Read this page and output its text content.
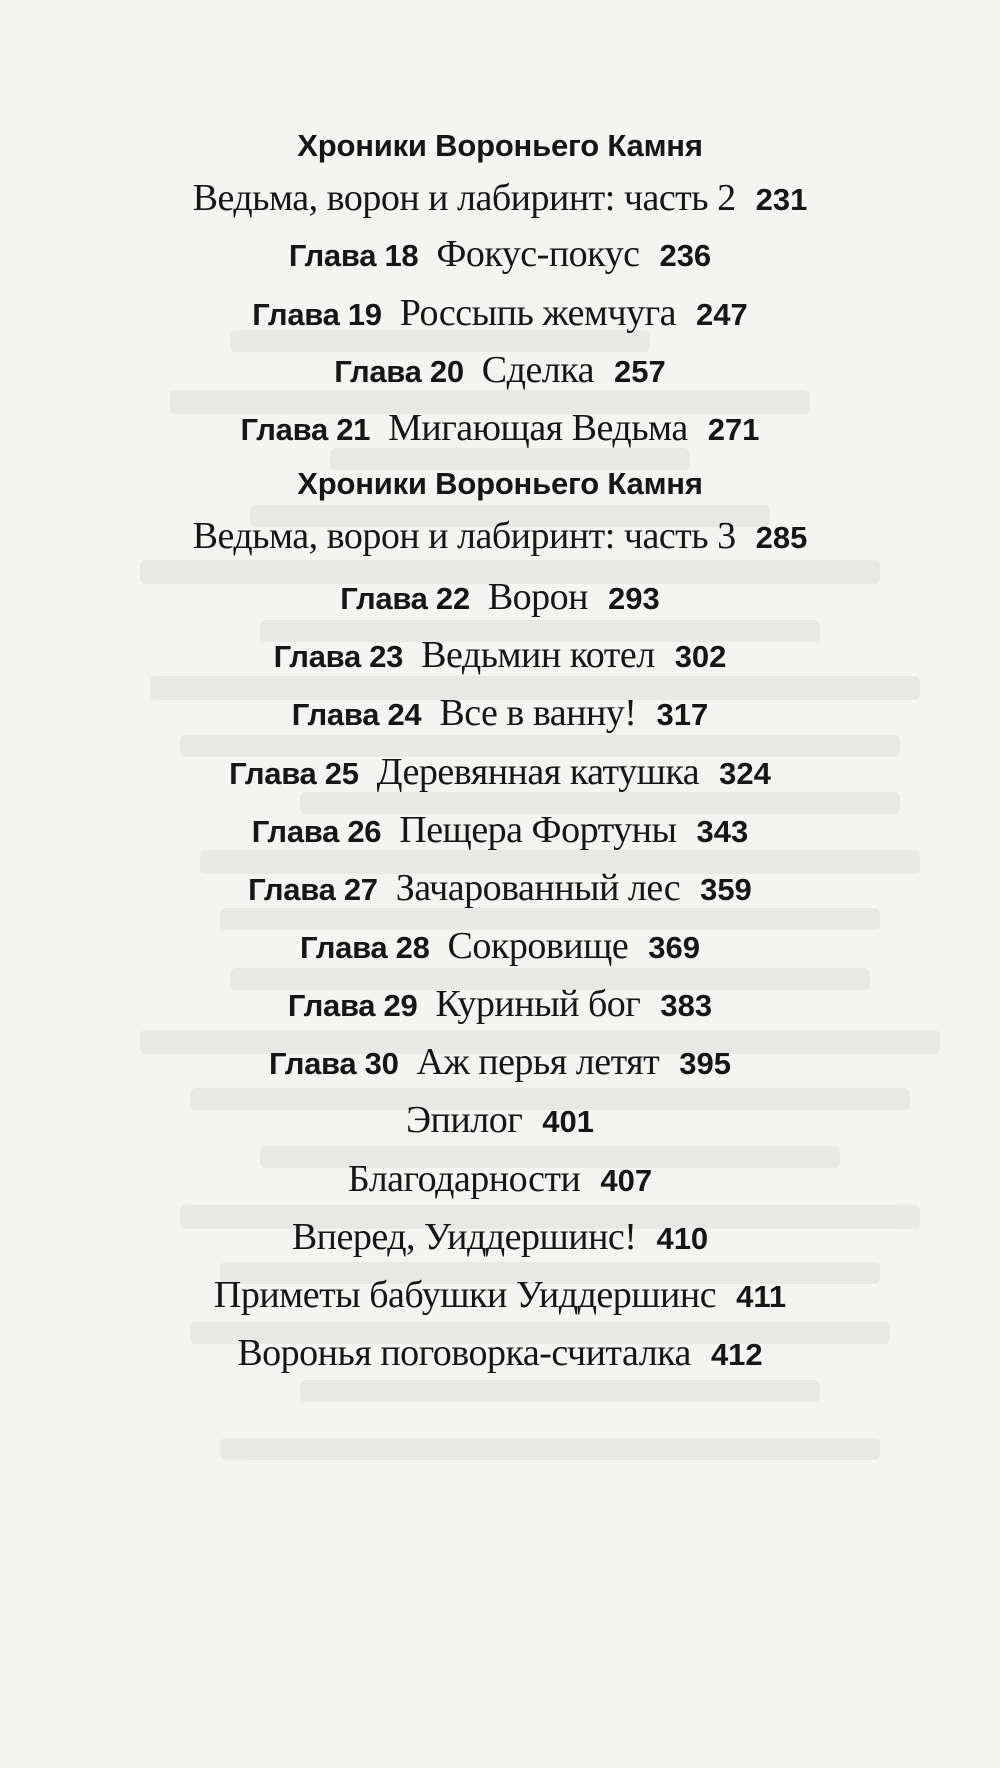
Хроники Вороньего Камня
Ведьма, ворон и лабиринт: часть 2 231
Глава 18 Фокус-покус 236
Глава 19 Россыпь жемчуга 247
Глава 20 Сделка 257
Глава 21 Мигающая Ведьма 271
Хроники Вороньего Камня
Ведьма, ворон и лабиринт: часть 3 285
Глава 22 Ворон 293
Глава 23 Ведьмин котел 302
Глава 24 Все в ванну! 317
Глава 25 Деревянная катушка 324
Глава 26 Пещера Фортуны 343
Глава 27 Зачарованный лес 359
Глава 28 Сокровище 369
Глава 29 Куриный бог 383
Глава 30 Аж перья летят 395
Эпилог 401
Благодарности 407
Вперед, Уиддершинс! 410
Приметы бабушки Уиддершинс 411
Воронья поговорка-считалка 412
